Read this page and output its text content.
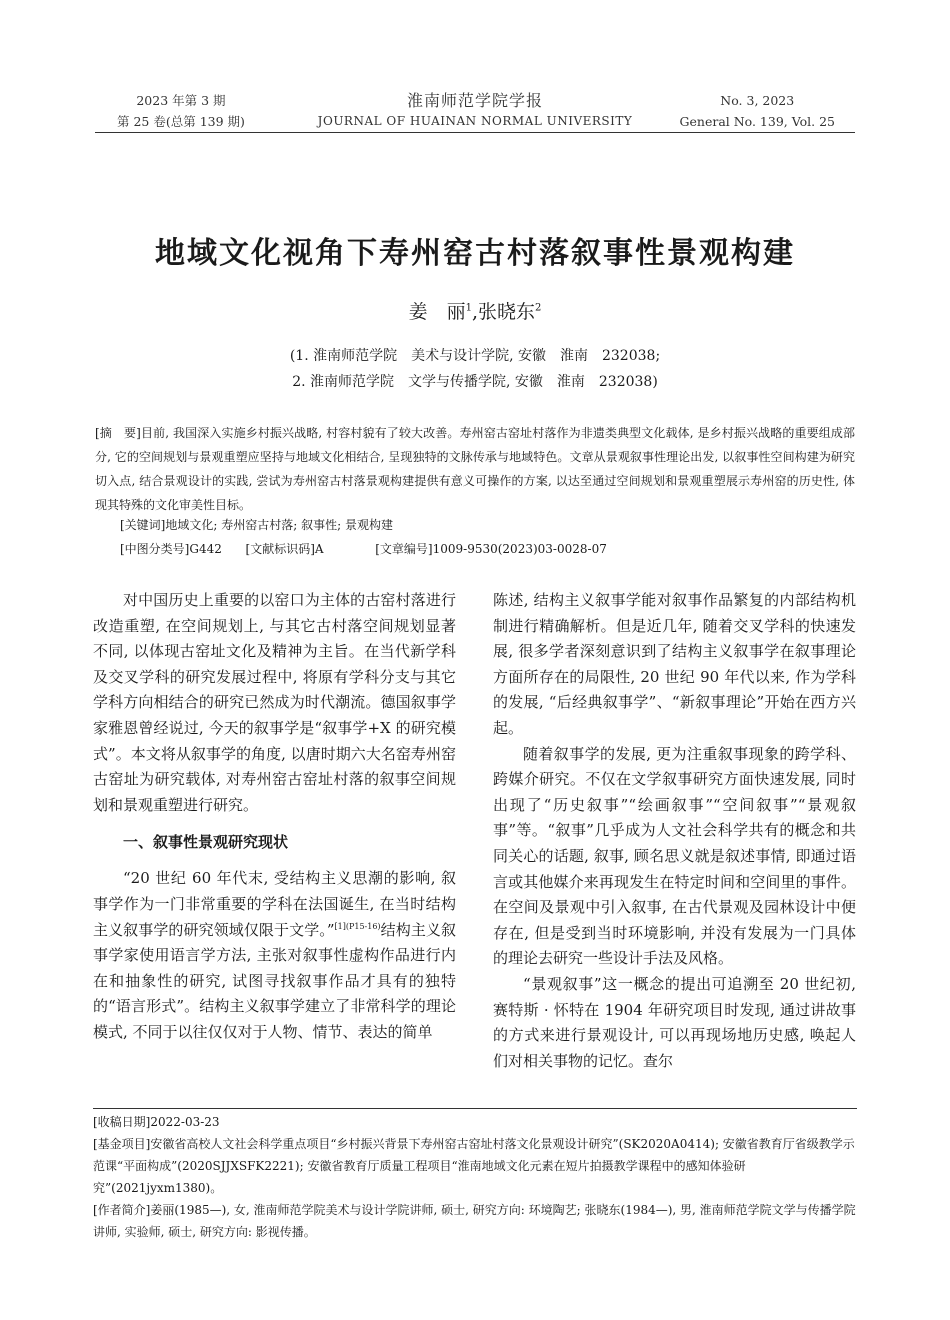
2023 年第 3 期
第 25 卷(总第 139 期)
淮南师范学院学报
JOURNAL OF HUAINAN NORMAL UNIVERSITY
No. 3, 2023
General No. 139, Vol. 25
地域文化视角下寿州窑古村落叙事性景观构建
姜　丽$^1$,张晓东$^2$
(1. 淮南师范学院　美术与设计学院, 安徽　淮南　232038;
2. 淮南师范学院　文学与传播学院, 安徽　淮南　232038)

[摘　要]目前, 我国深入实施乡村振兴战略, 村容村貌有了较大改善。寿州窑古窑址村落作为非遗类典型文化载体, 是乡村振兴战略的重要组成部分, 它的空间规划与景观重塑应坚持与地域文化相结合, 呈现独特的文脉传承与地域特色。文章从景观叙事性理论出发, 以叙事性空间构建为研究切入点, 结合景观设计的实践, 尝试为寿州窑古村落景观构建提供有意义可操作的方案, 以达至通过空间规划和景观重塑展示寿州窑的历史性, 体现其特殊的文化审美性目标。

[关键词]地域文化; 寿州窑古村落; 叙事性; 景观构建
[中图分类号]G442 [文献标识码]A	[文章编号]1009-9530(2023)03-0028-07

对中国历史上重要的以窑口为主体的古窑村落进行改造重塑, 在空间规划上, 与其它古村落空间规划显著不同, 以体现古窑址文化及精神为主旨。在当代新学科及交叉学科的研究发展过程中, 将原有学科分支与其它学科方向相结合的研究已然成为时代潮流。德国叙事学家雅恩曾经说过, 今天的叙事学是“叙事学+X 的研究模式”。本文将从叙事学的角度, 以唐时期六大名窑寿州窑古窑址为研究载体, 对寿州窑古窑址村落的叙事空间规划和景观重塑进行研究。

一、叙事性景观研究现状

“20 世纪 60 年代末, 受结构主义思潮的影响, 叙事学作为一门非常重要的学科在法国诞生, 在当时结构主义叙事学的研究领域仅限于文学。”$^{[1](P15-16)}$结构主义叙事学家使用语言学方法, 主张对叙事性虚构作品进行内在和抽象性的研究, 试图寻找叙事作品才具有的独特的“语言形式”。结构主义叙事学建立了非常科学的理论模式, 不同于以往仅仅对于人物、情节、表达的简单

陈述, 结构主义叙事学能对叙事作品繁复的内部结构机制进行精确解析。但是近几年, 随着交叉学科的快速发展, 很多学者深刻意识到了结构主义叙事学在叙事理论方面所存在的局限性, 20 世纪 90 年代以来, 作为学科的发展, “后经典叙事学”、“新叙事理论”开始在西方兴起。

随着叙事学的发展, 更为注重叙事现象的跨学科、跨媒介研究。不仅在文学叙事研究方面快速发展, 同时出现了“历史叙事”“绘画叙事”“空间叙事”“景观叙事”等。“叙事”几乎成为人文社会科学共有的概念和共同关心的话题, 叙事, 顾名思义就是叙述事情, 即通过语言或其他媒介来再现发生在特定时间和空间里的事件。在空间及景观中引入叙事, 在古代景观及园林设计中便存在, 但是受到当时环境影响, 并没有发展为一门具体的理论去研究一些设计手法及风格。

“景观叙事”这一概念的提出可追溯至 20 世纪初, 赛特斯 · 怀特在 1904 年研究项目时发现, 通过讲故事的方式来进行景观设计, 可以再现场地历史感, 唤起人们对相关事物的记忆。查尔

[收稿日期]2022-03-23

[基金项目]安徽省高校人文社会科学重点项目“乡村振兴背景下寿州窑古窑址村落文化景观设计研究”(SK2020A0414); 安徽省教育厅省级教学示范课“平面构成”(2020SJJXSFK2221); 安徽省教育厅质量工程项目“淮南地域文化元素在短片拍摄教学课程中的感知体验研究”(2021jyxm1380)。

[作者简介]姜丽(1985—), 女, 淮南师范学院美术与设计学院讲师, 硕士, 研究方向: 环境陶艺; 张晓东(1984—), 男, 淮南师范学院文学与传播学院讲师, 实验师, 硕士, 研究方向: 影视传播。
